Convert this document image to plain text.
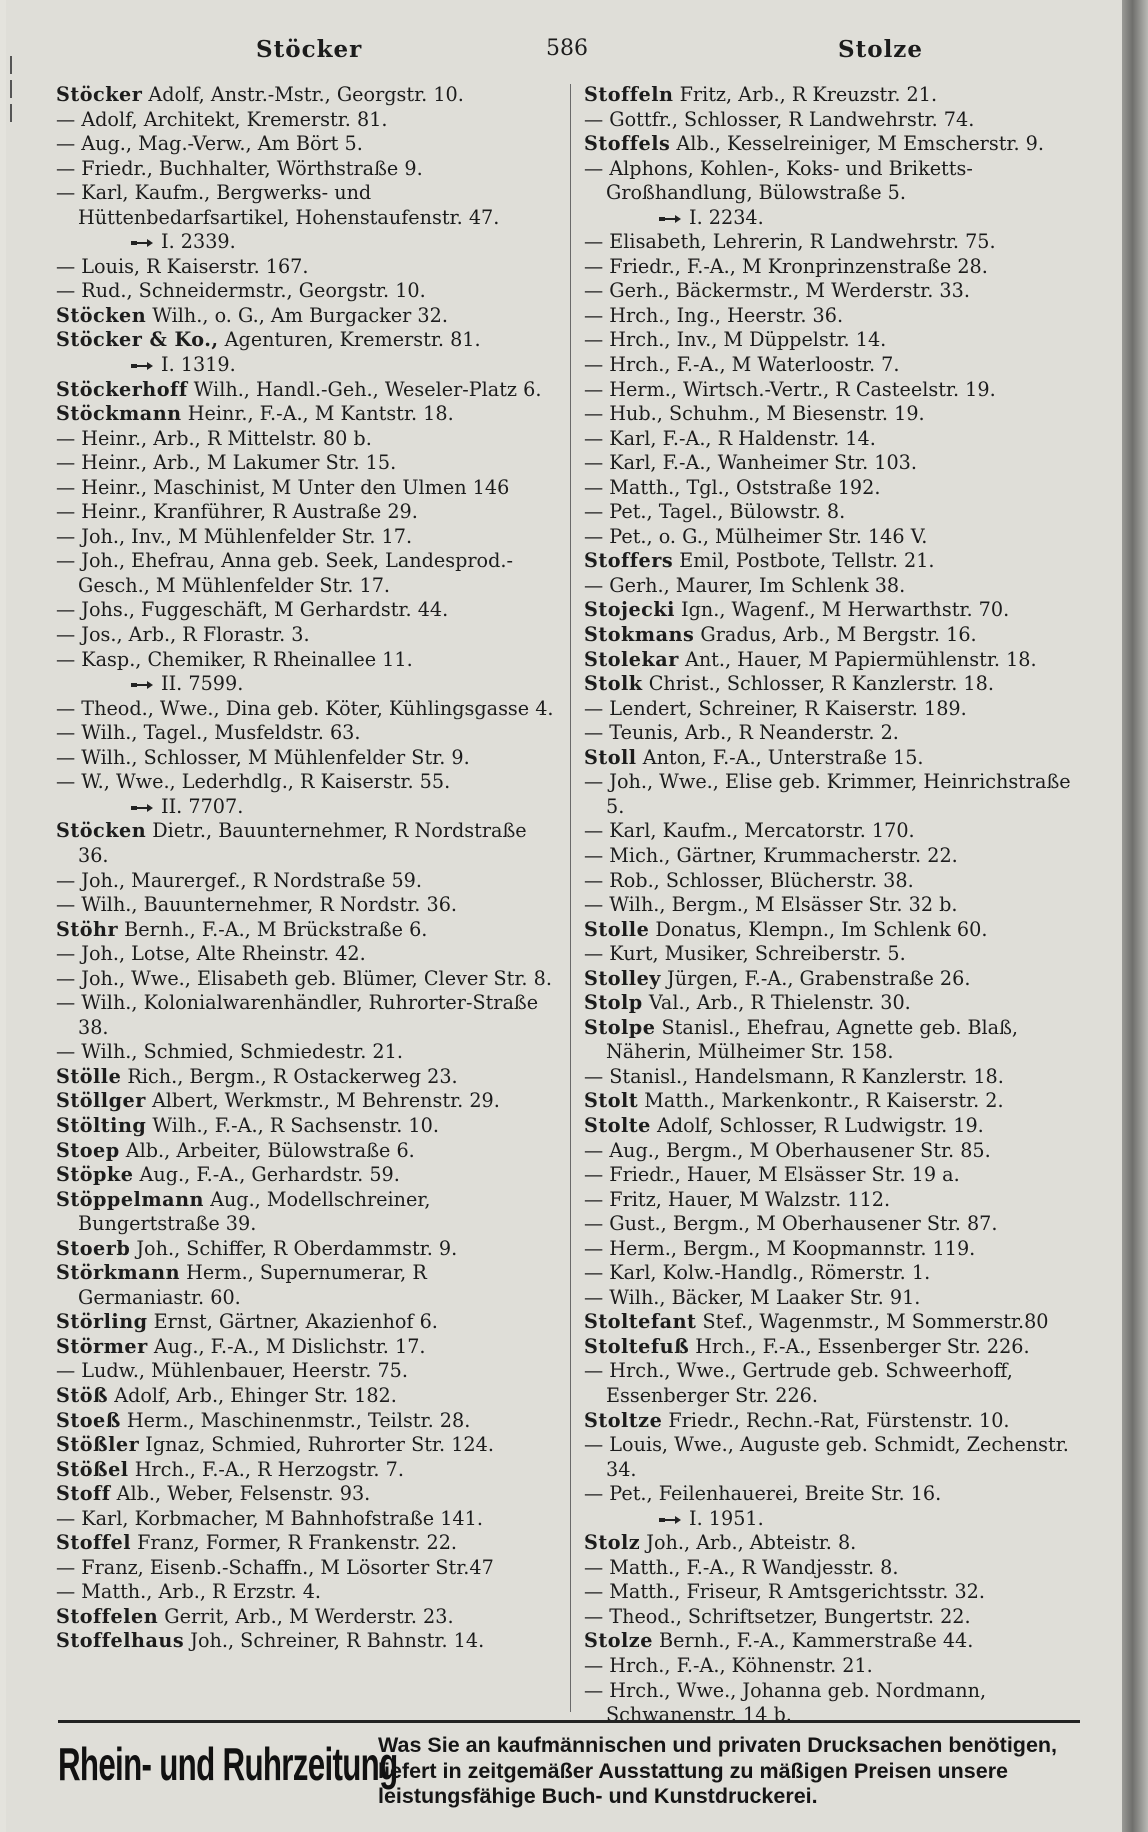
Stöcker	586	Stolze

Stöcker Adolf, Anstr.-Mstr., Georgstr. 10.

— Adolf, Architekt, Kremerstr. 81.

— Aug., Mag.-Verw., Am Bört 5.

— Friedr., Buchhalter, Wörthstraße 9.

— Karl, Kaufm., Bergwerks- und Hüttenbedarfsartikel, Hohenstaufenstr. 47.

I. 2339.

— Louis, R Kaiserstr. 167.

— Rud., Schneidermstr., Georgstr. 10.

Stöcken Wilh., o. G., Am Burgacker 32.

Stöcker & Ko., Agenturen, Kremerstr. 81.

I. 1319.

Stöckerhoff Wilh., Handl.-Geh., Weseler-Platz 6.

Stöckmann Heinr., F.-A., M Kantstr. 18.

— Heinr., Arb., R Mittelstr. 80 b.

— Heinr., Arb., M Lakumer Str. 15.

— Heinr., Maschinist, M Unter den Ulmen 146

— Heinr., Kranführer, R Austraße 29.

— Joh., Inv., M Mühlenfelder Str. 17.

— Joh., Ehefrau, Anna geb. Seek, Landesprod.-Gesch., M Mühlenfelder Str. 17.

— Johs., Fuggeschäft, M Gerhardstr. 44.

— Jos., Arb., R Florastr. 3.

— Kasp., Chemiker, R Rheinallee 11.

II. 7599.

— Theod., Wwe., Dina geb. Köter, Kühlingsgasse 4.

— Wilh., Tagel., Musfeldstr. 63.

— Wilh., Schlosser, M Mühlenfelder Str. 9.

— W., Wwe., Lederhdlg., R Kaiserstr. 55.

II. 7707.

Stöcken Dietr., Bauunternehmer, R Nordstraße 36.

— Joh., Maurergef., R Nordstraße 59.

— Wilh., Bauunternehmer, R Nordstr. 36.

Stöhr Bernh., F.-A., M Brückstraße 6.

— Joh., Lotse, Alte Rheinstr. 42.

— Joh., Wwe., Elisabeth geb. Blümer, Clever Str. 8.

— Wilh., Kolonialwarenhändler, Ruhrorter-Straße 38.

— Wilh., Schmied, Schmiedestr. 21.

Stölle Rich., Bergm., R Ostackerweg 23.

Stöllger Albert, Werkmstr., M Behrenstr. 29.

Stölting Wilh., F.-A., R Sachsenstr. 10.

Stoep Alb., Arbeiter, Bülowstraße 6.

Stöpke Aug., F.-A., Gerhardstr. 59.

Stöppelmann Aug., Modellschreiner, Bungertstraße 39.

Stoerb Joh., Schiffer, R Oberdammstr. 9.

Störkmann Herm., Supernumerar, R Germaniastr. 60.

Störling Ernst, Gärtner, Akazienhof 6.

Störmer Aug., F.-A., M Dislichstr. 17.

— Ludw., Mühlenbauer, Heerstr. 75.

Stöß Adolf, Arb., Ehinger Str. 182.

Stoeß Herm., Maschinenmstr., Teilstr. 28.

Stößler Ignaz, Schmied, Ruhrorter Str. 124.

Stößel Hrch., F.-A., R Herzogstr. 7.

Stoff Alb., Weber, Felsenstr. 93.

— Karl, Korbmacher, M Bahnhofstraße 141.

Stoffel Franz, Former, R Frankenstr. 22.

— Franz, Eisenb.-Schaffn., M Lösorter Str.47

— Matth., Arb., R Erzstr. 4.

Stoffelen Gerrit, Arb., M Werderstr. 23.

Stoffelhaus Joh., Schreiner, R Bahnstr. 14.

Stoffeln Fritz, Arb., R Kreuzstr. 21.

— Gottfr., Schlosser, R Landwehrstr. 74.

Stoffels Alb., Kesselreiniger, M Emscherstr. 9.

— Alphons, Kohlen-, Koks- und Briketts-Großhandlung, Bülowstraße 5.

I. 2234.

— Elisabeth, Lehrerin, R Landwehrstr. 75.

— Friedr., F.-A., M Kronprinzenstraße 28.

— Gerh., Bäckermstr., M Werderstr. 33.

— Hrch., Ing., Heerstr. 36.

— Hrch., Inv., M Düppelstr. 14.

— Hrch., F.-A., M Waterloostr. 7.

— Herm., Wirtsch.-Vertr., R Casteelstr. 19.

— Hub., Schuhm., M Biesenstr. 19.

— Karl, F.-A., R Haldenstr. 14.

— Karl, F.-A., Wanheimer Str. 103.

— Matth., Tgl., Oststraße 192.

— Pet., Tagel., Bülowstr. 8.

— Pet., o. G., Mülheimer Str. 146 V.

Stoffers Emil, Postbote, Tellstr. 21.

— Gerh., Maurer, Im Schlenk 38.

Stojecki Ign., Wagenf., M Herwarthstr. 70.

Stokmans Gradus, Arb., M Bergstr. 16.

Stolekar Ant., Hauer, M Papiermühlenstr. 18.

Stolk Christ., Schlosser, R Kanzlerstr. 18.

— Lendert, Schreiner, R Kaiserstr. 189.

— Teunis, Arb., R Neanderstr. 2.

Stoll Anton, F.-A., Unterstraße 15.

— Joh., Wwe., Elise geb. Krimmer, Heinrichstraße 5.

— Karl, Kaufm., Mercatorstr. 170.

— Mich., Gärtner, Krummacherstr. 22.

— Rob., Schlosser, Blücherstr. 38.

— Wilh., Bergm., M Elsässer Str. 32 b.

Stolle Donatus, Klempn., Im Schlenk 60.

— Kurt, Musiker, Schreiberstr. 5.

Stolley Jürgen, F.-A., Grabenstraße 26.

Stolp Val., Arb., R Thielenstr. 30.

Stolpe Stanisl., Ehefrau, Agnette geb. Blaß, Näherin, Mülheimer Str. 158.

— Stanisl., Handelsmann, R Kanzlerstr. 18.

Stolt Matth., Markenkontr., R Kaiserstr. 2.

Stolte Adolf, Schlosser, R Ludwigstr. 19.

— Aug., Bergm., M Oberhausener Str. 85.

— Friedr., Hauer, M Elsässer Str. 19 a.

— Fritz, Hauer, M Walzstr. 112.

— Gust., Bergm., M Oberhausener Str. 87.

— Herm., Bergm., M Koopmannstr. 119.

— Karl, Kolw.-Handlg., Römerstr. 1.

— Wilh., Bäcker, M Laaker Str. 91.

Stoltefant Stef., Wagenmstr., M Sommerstr.80

Stoltefuß Hrch., F.-A., Essenberger Str. 226.

— Hrch., Wwe., Gertrude geb. Schweerhoff, Essenberger Str. 226.

Stoltze Friedr., Rechn.-Rat, Fürstenstr. 10.

— Louis, Wwe., Auguste geb. Schmidt, Zechenstr. 34.

— Pet., Feilenhauerei, Breite Str. 16.

I. 1951.

Stolz Joh., Arb., Abteistr. 8.

— Matth., F.-A., R Wandjesstr. 8.

— Matth., Friseur, R Amtsgerichtsstr. 32.

— Theod., Schriftsetzer, Bungertstr. 22.

Stolze Bernh., F.-A., Kammerstraße 44.

— Hrch., F.-A., Köhnenstr. 21.

— Hrch., Wwe., Johanna geb. Nordmann, Schwanenstr. 14 b.

Rhein- und Ruhrzeitung
Was Sie an kaufmännischen und privaten Drucksachen benötigen, liefert in zeitgemäßer Ausstattung zu mäßigen Preisen unsere leistungsfähige Buch- und Kunstdruckerei.
